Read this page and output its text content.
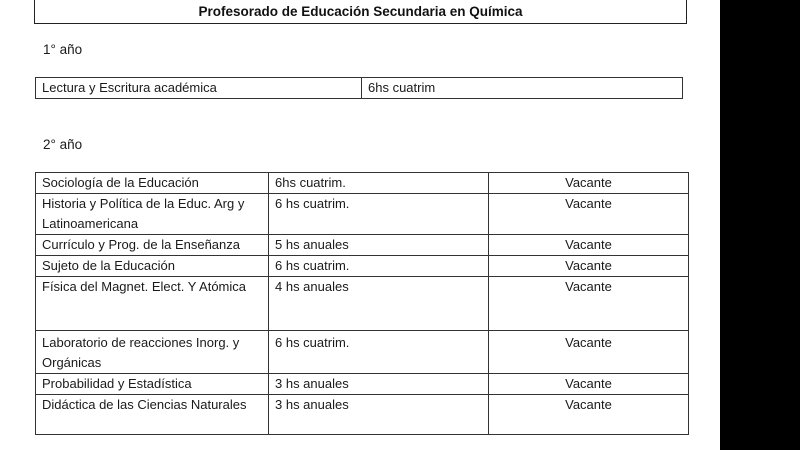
Profesorado de Educación Secundaria en Química
1° año
Lectura y Escritura académica	6hs cuatrim
2° año
Sociología de la Educación	6hs cuatrim.	Vacante
Historia y Política de la Educ. Arg y Latinoamericana	6 hs cuatrim.	Vacante
Currículo y Prog. de la Enseñanza	5 hs anuales	Vacante
Sujeto de la Educación	6 hs cuatrim.	Vacante
Física del Magnet. Elect. Y Atómica	4 hs anuales	Vacante
Laboratorio de reacciones Inorg. y Orgánicas	6 hs cuatrim.	Vacante
Probabilidad y Estadística	3 hs anuales	Vacante
Didáctica de las Ciencias Naturales	3 hs anuales	Vacante
